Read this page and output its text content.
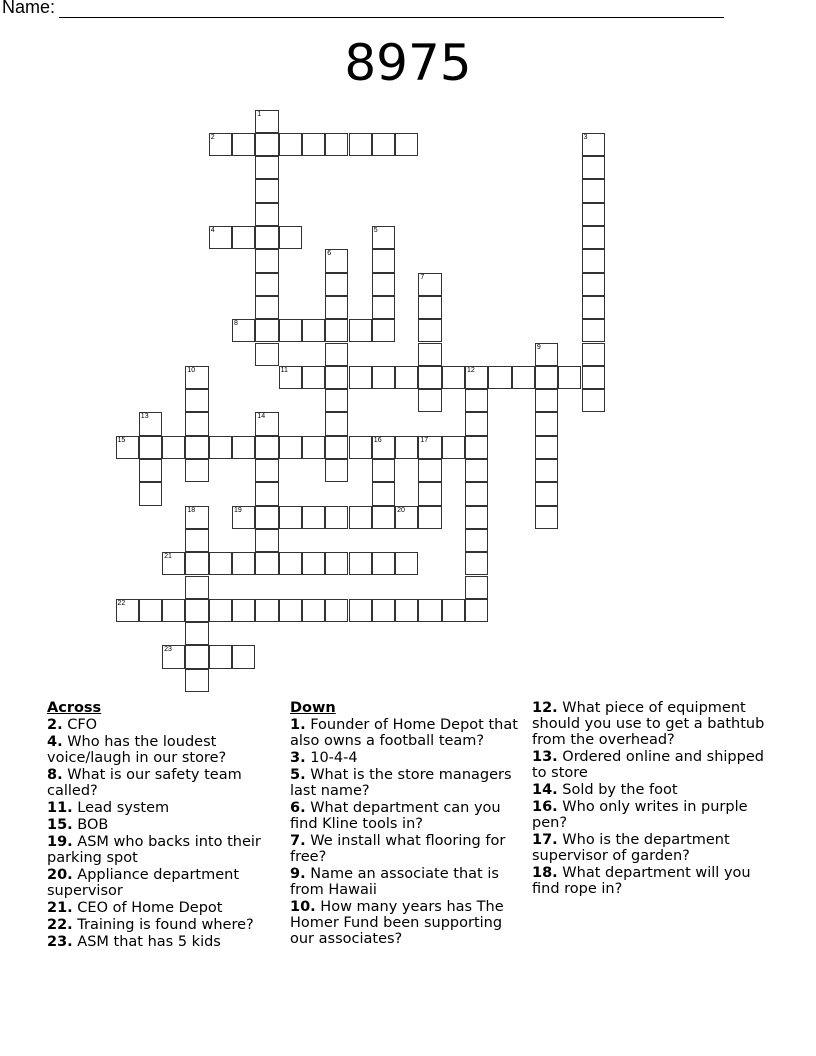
Name:
8975
2
1
3
4	5
6
7
8
9
10	11	12
13	14
15	16	17
18	19	20
21
22
23
Across
2. CFO
4. Who has the loudest voice/laugh in our store?
8. What is our safety team called?
11. Lead system
15. BOB
19. ASM who backs into their parking spot
20. Appliance department supervisor
21. CEO of Home Depot
22. Training is found where?
23. ASM that has 5 kids
Down
1. Founder of Home Depot that also owns a football team?
3. 10-4-4
5. What is the store managers last name?
6. What department can you find Kline tools in?
7. We install what flooring for free?
9. Name an associate that is from Hawaii
10. How many years has The Homer Fund been supporting our associates?
12. What piece of equipment should you use to get a bathtub from the overhead?
13. Ordered online and shipped to store
14. Sold by the foot
16. Who only writes in purple pen?
17. Who is the department supervisor of garden?
18. What department will you find rope in?
